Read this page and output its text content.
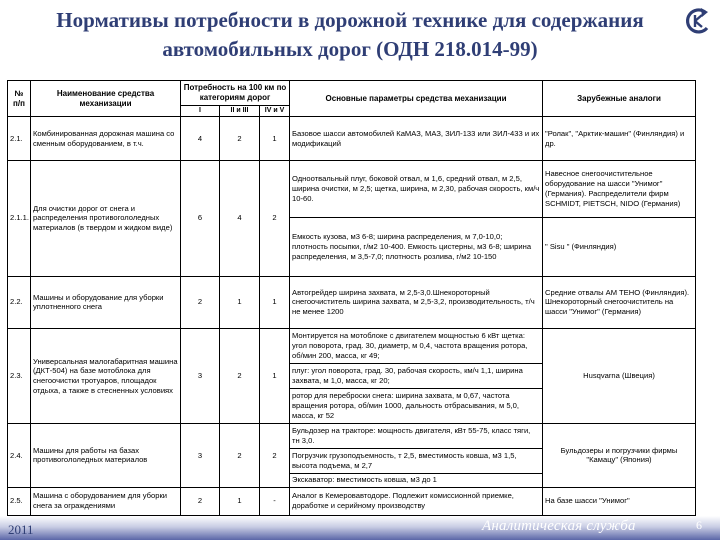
Нормативы потребности в дорожной технике для содержания автомобильных дорог (ОДН 218.014-99)
№ п/п	Наименование средства механизации	Потребность на 100 км по категориям дорог			Основные параметры средства механизации	Зарубежные аналоги
		I	II и III	IV и V		
2.1.	Комбинированная дорожная машина со сменным оборудованием, в т.ч.	4	2	1	Базовое шасси автомобилей КаМАЗ, МАЗ, ЗИЛ-133 или ЗИЛ-433 и их модификаций	"Ролак", "Арктик-машин" (Финляндия) и др.
2.1.1.	Для очистки дорог от снега и распределения противогололедных материалов (в твердом и жидком виде)	6	4	2	Одноотвальный плуг, боковой отвал, м 1,6, средний отвал, м 2,5, ширина очистки, м 2,5; щетка, ширина, м 2,30, рабочая скорость, км/ч 10-60.	Навесное снегоочистительное оборудование на шасси "Унимог" (Германия). Распределители фирм SCHMIDT, PIETSCH, NIDO (Германия)
					Емкость кузова, м3 6-8; ширина распределения, м 7,0-10,0; плотность посыпки, г/м2 10-400. Емкость цистерны, м3 6-8; ширина распределения, м 3,5-7,0; плотность розлива, г/м2 10-150	" Sisu " (Финляндия)
2.2.	Машины и оборудование для уборки уплотненного снега	2	1	1	Автогрейдер ширина захвата, м 2,5-3,0.Шнекороторный снегоочиститель ширина захвата, м 2,5-3,2, производительность, т/ч не менее 1200	Средние отвалы AM TEHO (Финляндия). Шнекороторный снегоочиститель на шасси "Унимог" (Германия)
2.3.	Универсальная малогабаритная машина (ДКТ-504) на базе мотоблока для снегоочистки тротуаров, площадок отдыха, а также в стесненных условиях	3	2	1	Монтируется на мотоблоке с двигателем мощностью 6 кВт щетка: угол поворота, град. 30, диаметр, м 0,4, частота вращения ротора, об/мин 200, масса, кг 49;	Husqvarna (Швеция)
					плуг: угол поворота, град. 30, рабочая скорость, км/ч 1,1, ширина захвата, м 1,0, масса, кг 20;	
					ротор для переброски снега: ширина захвата, м 0,67, частота вращения ротора, об/мин 1000, дальность отбрасывания, м 5,0, масса, кг 52	
2.4.	Машины для работы на базах противогололедных материалов	3	2	2	Бульдозер на тракторе: мощность двигателя, кВт 55-75, класс тяги, тн 3,0.	Бульдозеры и погрузчики фирмы "Камацу" (Япония)
					Погрузчик грузоподъемность, т 2,5, вместимость ковша, м3 1,5, высота подъема, м 2,7	
					Экскаватор: вместимость ковша, м3 до 1	
2.5.	Машина с оборудованием для уборки снега за ограждениями	2	1	-	Аналог в Кемеровавтодоре. Подлежит комиссионной приемке, доработке и серийному производству	На базе шасси "Унимог"
2011	Аналитическая служба	6
